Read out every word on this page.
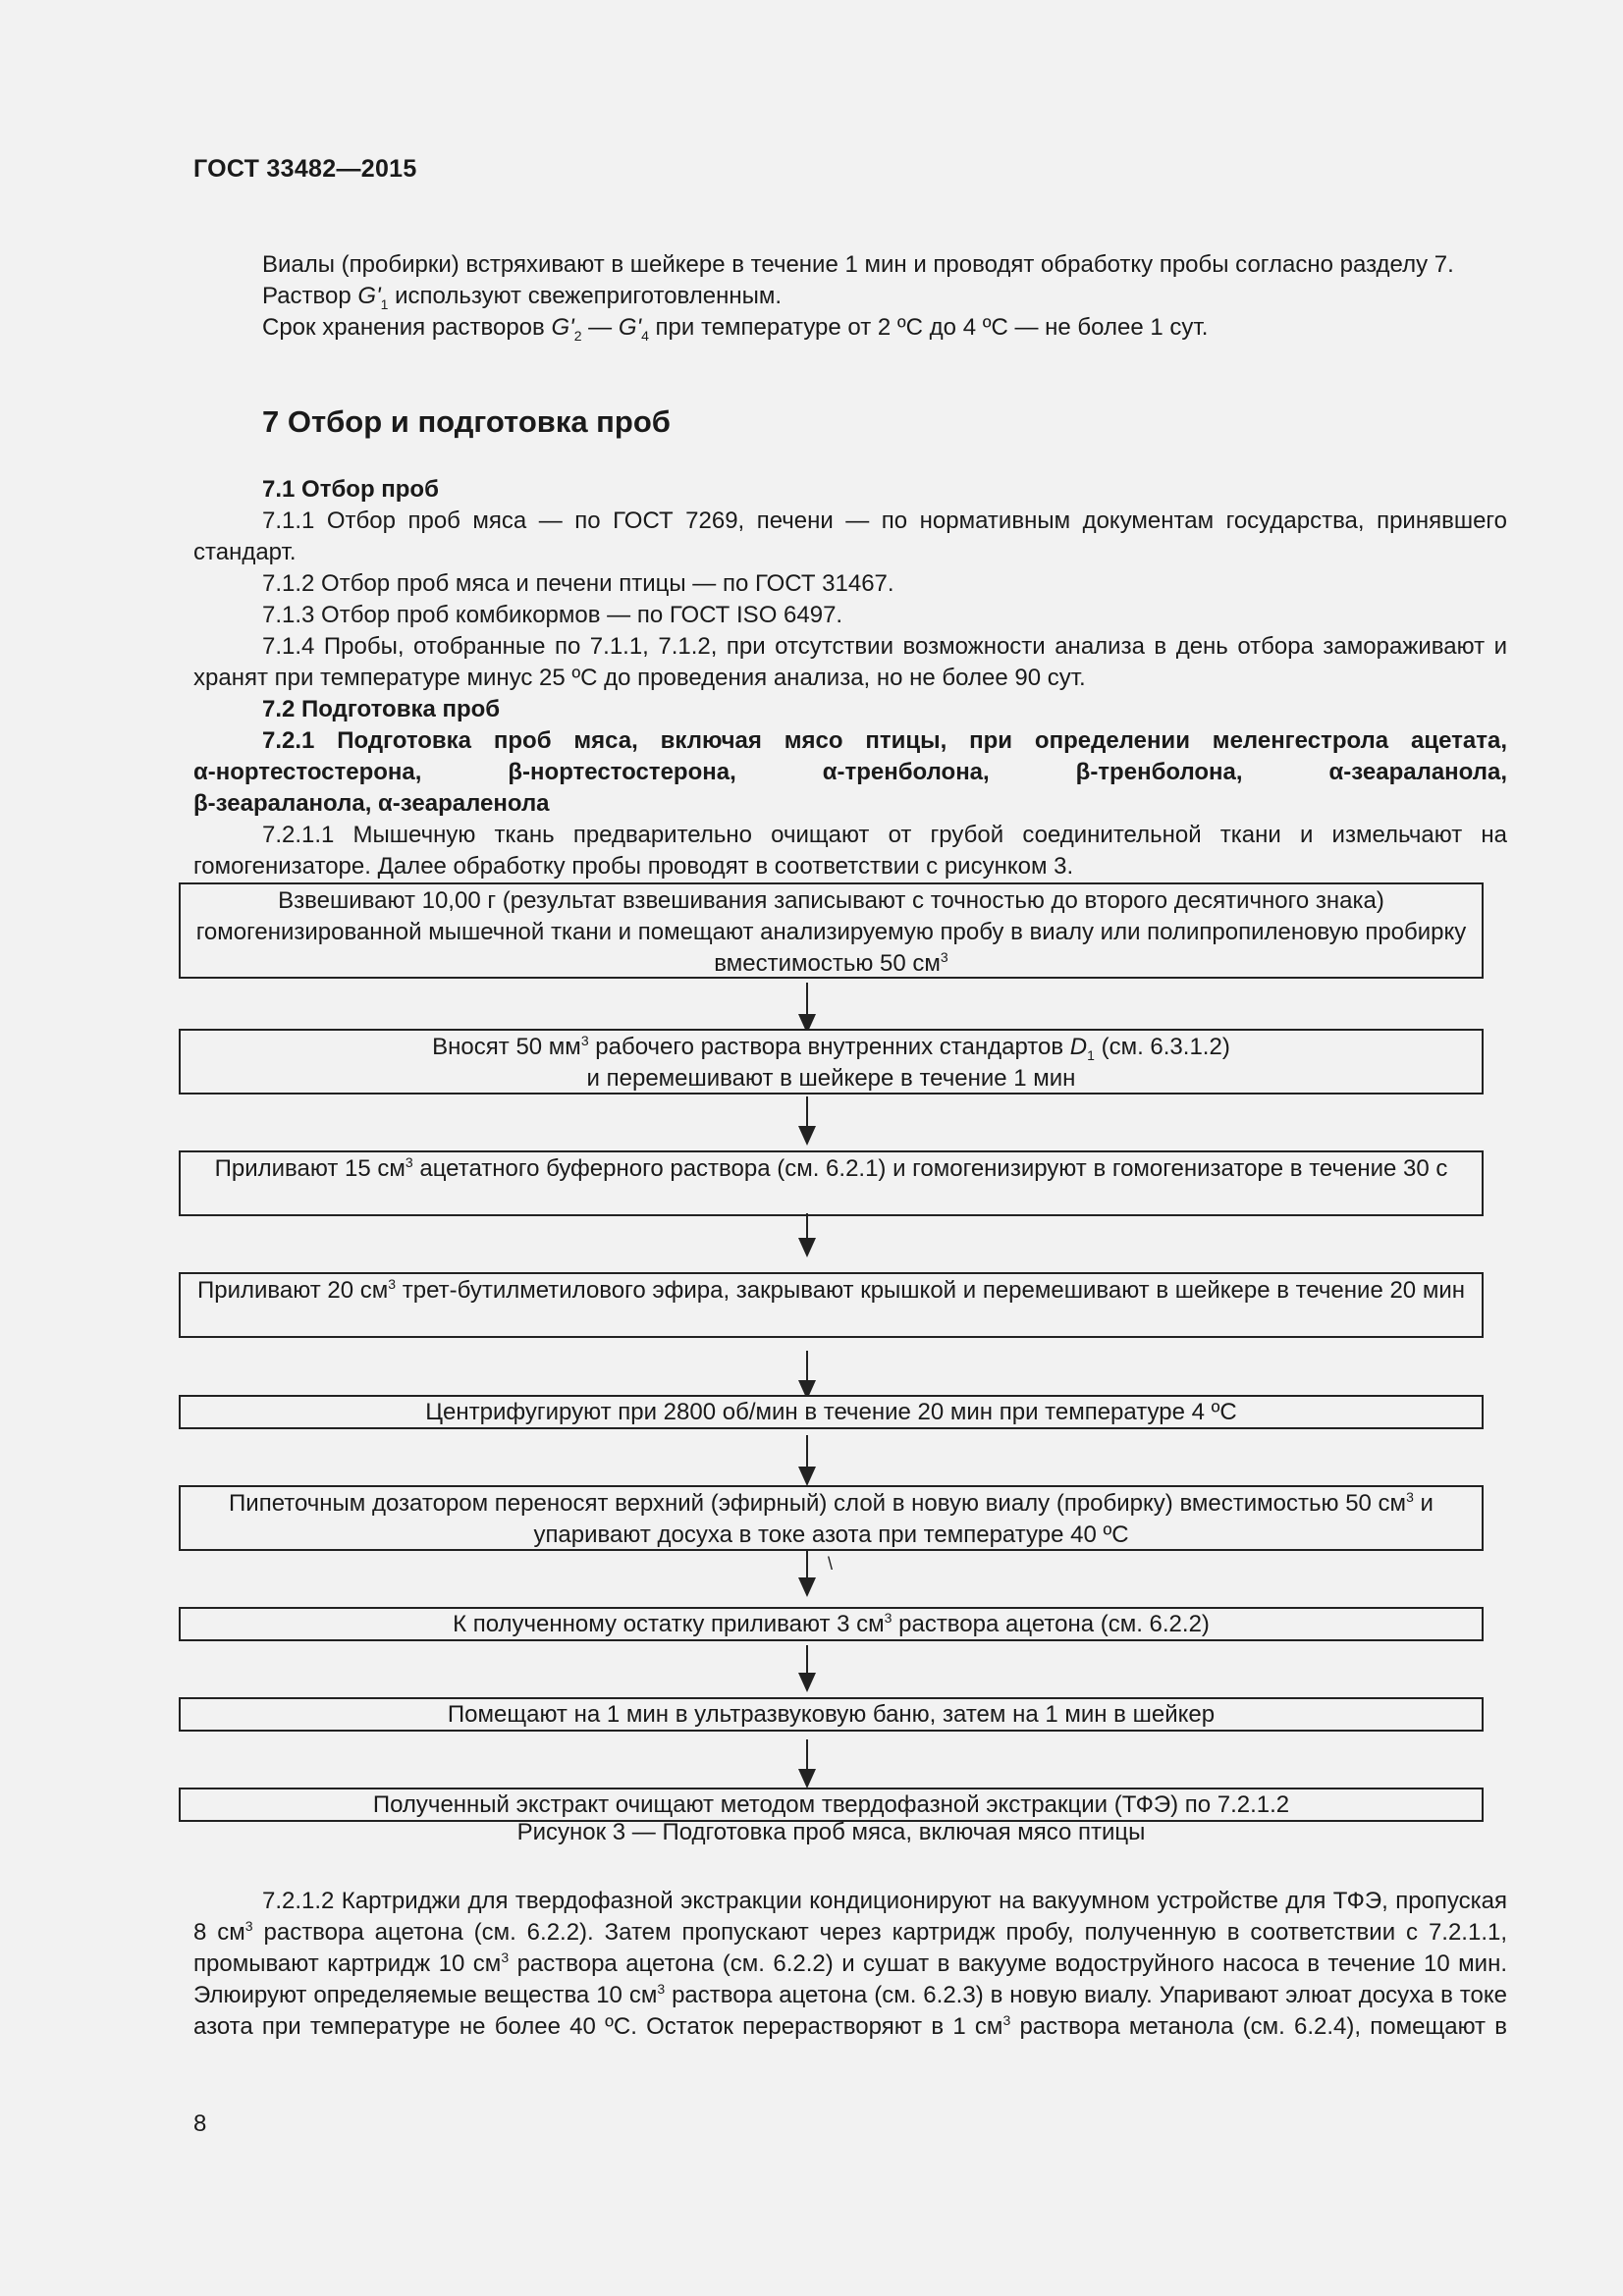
ГОСТ 33482—2015

Виалы (пробирки) встряхивают в шейкере в течение 1 мин и проводят обработку пробы согласно разделу 7.

Раствор $G'_1$ используют свежеприготовленным.

Срок хранения растворов $G'_2$ — $G'_4$ при температуре от 2 ºС до 4 ºС — не более 1 сут.

7 Отбор и подготовка проб

7.1 Отбор проб

7.1.1 Отбор проб мяса — по ГОСТ 7269, печени — по нормативным документам государства, принявшего стандарт.

7.1.2 Отбор проб мяса и печени птицы — по ГОСТ 31467.

7.1.3 Отбор проб комбикормов — по ГОСТ ISO 6497.

7.1.4 Пробы, отобранные по 7.1.1, 7.1.2, при отсутствии возможности анализа в день отбора замораживают и хранят при температуре минус 25 ºС до проведения анализа, но не более 90 сут.

7.2 Подготовка проб

7.2.1 Подготовка проб мяса, включая мясо птицы, при определении меленгестрола ацетата,

α-нортестостерона, β-нортестостерона, α-тренболона, β-тренболона, α-зеараланола,

β-зеараланола, α-зеараленола

7.2.1.1 Мышечную ткань предварительно очищают от грубой соединительной ткани и измельчают на гомогенизаторе. Далее обработку пробы проводят в соответствии с рисунком 3.

Взвешивают 10,00 г (результат взвешивания записывают с точностью до второго десятичного знака) гомогенизированной мышечной ткани и помещают анализируемую пробу в виалу или полипропиленовую пробирку вместимостью 50 $см^3$
Вносят 50 $мм^3$ рабочего раствора внутренних стандартов $D_1$ (см. 6.3.1.2)
и перемешивают в шейкере в течение 1 мин
Приливают 15 $см^3$ ацетатного буферного раствора (см. 6.2.1) и гомогенизируют в гомогенизаторе в течение 30 с
Приливают 20 $см^3$ трет-бутилметилового эфира, закрывают крышкой и перемешивают в шейкере в течение 20 мин
Центрифугируют при 2800 об/мин в течение 20 мин при температуре 4 ºС
Пипеточным дозатором переносят верхний (эфирный) слой в новую виалу (пробирку) вместимостью 50 $см^3$ и упаривают досуха в токе азота при температуре 40 ºС
\
К полученному остатку приливают 3 $см^3$ раствора ацетона (см. 6.2.2)
Помещают на 1 мин в ультразвуковую баню, затем на 1 мин в шейкер
Полученный экстракт очищают методом твердофазной экстракции (ТФЭ) по 7.2.1.2
Рисунок 3 — Подготовка проб мяса, включая мясо птицы

7.2.1.2 Картриджи для твердофазной экстракции кондиционируют на вакуумном устройстве для ТФЭ, пропуская 8 $см^3$ раствора ацетона (см. 6.2.2). Затем пропускают через картридж пробу, полученную в соответствии с 7.2.1.1, промывают картридж 10 $см^3$ раствора ацетона (см. 6.2.2) и сушат в вакууме водоструйного насоса в течение 10 мин. Элюируют определяемые вещества 10 $см^3$ раствора ацетона (см. 6.2.3) в новую виалу. Упаривают элюат досуха в токе азота при температуре не более 40 ºС. Остаток перерастворяют в 1 $см^3$ раствора метанола (см. 6.2.4), помещают в

8
